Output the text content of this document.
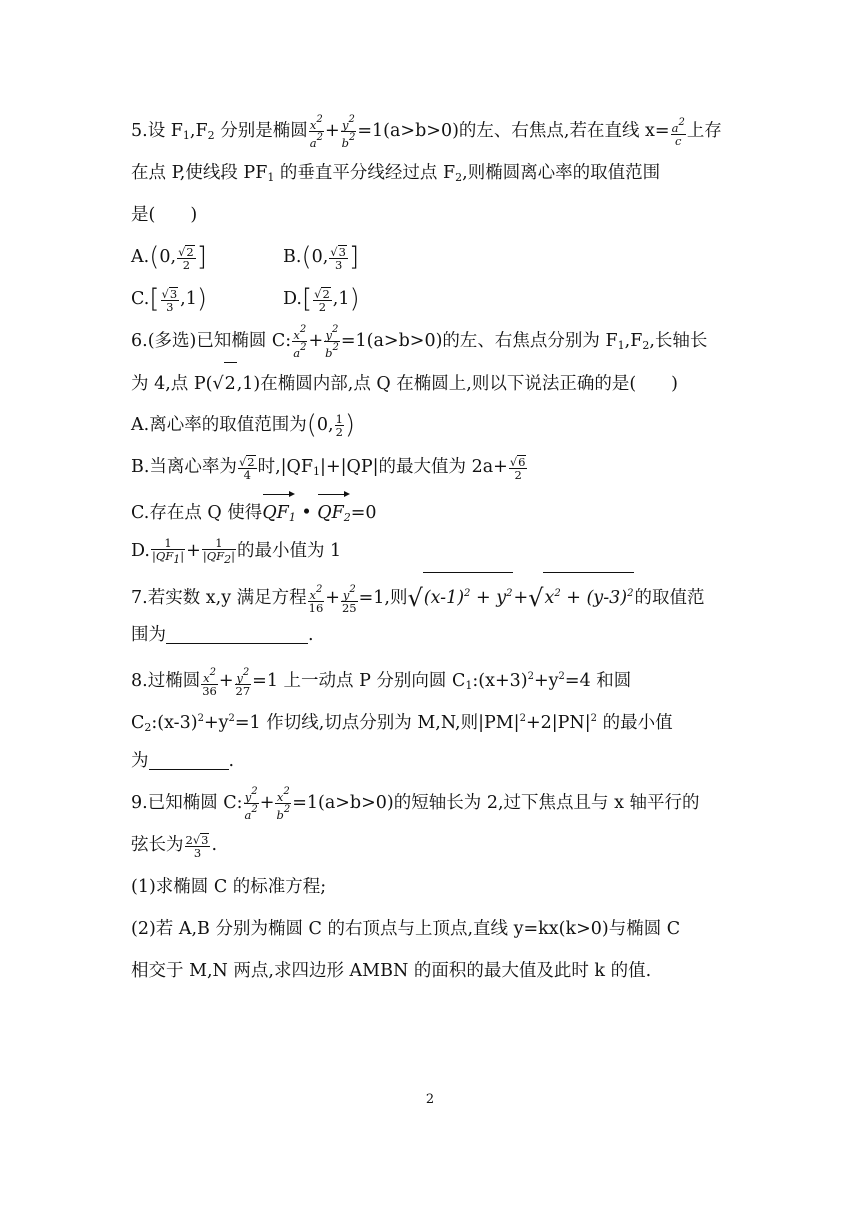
5.设 $F_1,F_2$ 分别是椭圆 $\frac{x2}{a2} + \frac{y2}{b2} =1(a>b>0)$的左、右焦点,若在直线 $x= \frac{a2}{c}$ 上存
在点 P,使线段 $PF_1$ 的垂直平分线经过点 $F_2$,则椭圆离心率的取值范围
是(　　)
A.(0, $\frac{√2}{2}$ ]	B.(0, $\frac{√3}{3}$ ]
$C.[ \frac{√3}{3} ,1)$	$D.[ \frac{√2}{2} ,1)$
6.(多选)已知椭圆 C: $\frac{x2}{a2} + \frac{y2}{b2} =1(a>b>0)$的左、右焦点分别为 $F_1,F_2$,长轴长
为 4,点 P(√2,1)在椭圆内部,点 Q 在椭圆上,则以下说法正确的是(　　)
A.离心率的取值范围为(0, $\frac{1}{2}$ )
B.当离心率为 $\frac{√2}{4}$ 时$,|QF_1|+|QP|$的最大值为 $2a+ \frac{√6}{2}$
C.存在点 Q 使得$QF_1$ • $QF_2=0$
D. $\frac{1}{|QF1|} + \frac{1}{|QF2|}$ 的最小值为 1
7.若实数 x,y 满足方程 $\frac{x2}{16} + \frac{y2}{25} =1$,则$√(x-1)^2 + y^2+√x^2 + (y-3)^2$的取值范
围为	.
8.过椭圆 $\frac{x2}{36} + \frac{y2}{27} =1$ 上一动点 P 分别向圆 $C_1:(x+3)^2+y^2=4$ 和圆
$C_2:(x-3)^2+y^2=1$ 作切线,切点分别为 M,N,则$|PM|^2+2|PN|^2$ 的最小值
为	.
9.已知椭圆 C: $\frac{y2}{a2} + \frac{x2}{b2} =1(a>b>0)$的短轴长为 2,过下焦点且与 x 轴平行的
弦长为 $\frac{2√3}{3}$ .
(1)求椭圆 C 的标准方程;
(2)若 A,B 分别为椭圆 C 的右顶点与上顶点,直线 y=kx(k>0)与椭圆 C
相交于 M,N 两点,求四边形 AMBN 的面积的最大值及此时 k 的值.
2
